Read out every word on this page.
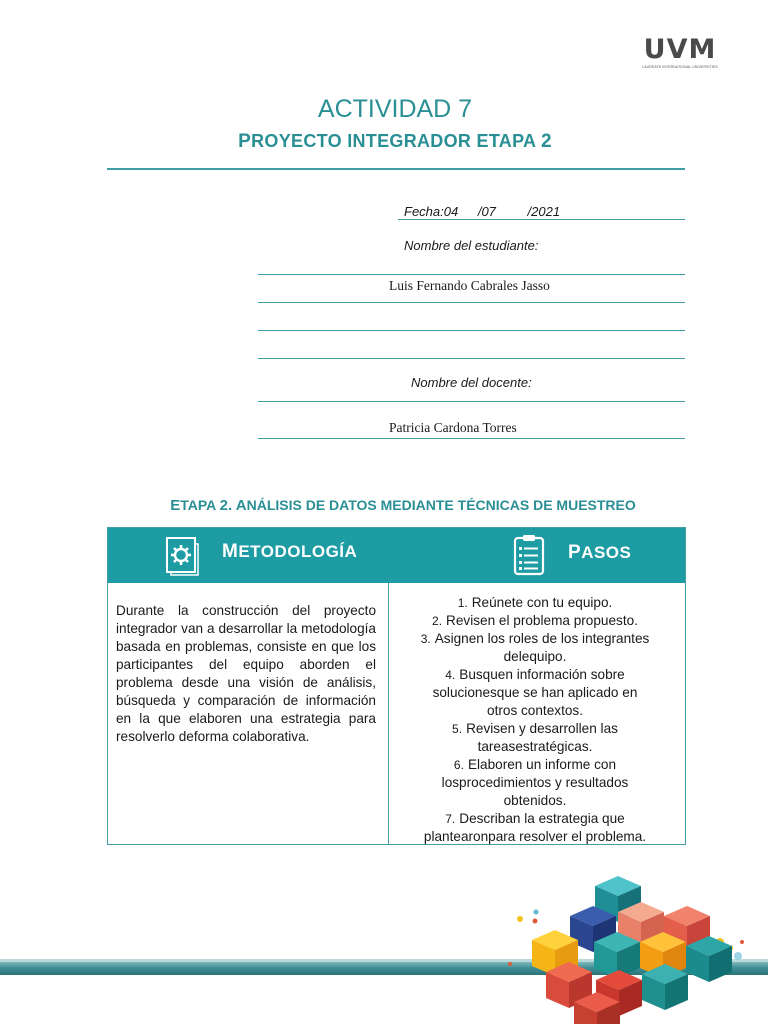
UVM
LAUREATE INTERNATIONAL UNIVERSITIES
ACTIVIDAD 7
PROYECTO INTEGRADOR ETAPA 2
Fecha:04 /07 /2021
Nombre del estudiante:
Luis Fernando Cabrales Jasso
Nombre del docente:
Patricia Cardona Torres
ETAPA 2. ANÁLISIS DE DATOS MEDIANTE TÉCNICAS DE MUESTREO
METODOLOGÍA	PASOS
Durante la construcción del proyecto integrador van a desarrollar la metodología basada en problemas, consiste en que los participantes del equipo aborden el problema desde una visión de análisis, búsqueda y comparación de información en la que elaboren una estrategia para resolverlo deforma colaborativa.
1. Reúnete con tu equipo.
2. Revisen el problema propuesto.
3. Asignen los roles de los integrantes
delequipo.
4. Busquen información sobre
solucionesque se han aplicado en
otros contextos.
5. Revisen y desarrollen las
tareasestratégicas.
6. Elaboren un informe con
losprocedimientos y resultados
obtenidos.
7. Describan la estrategia que
plantearonpara resolver el problema.
